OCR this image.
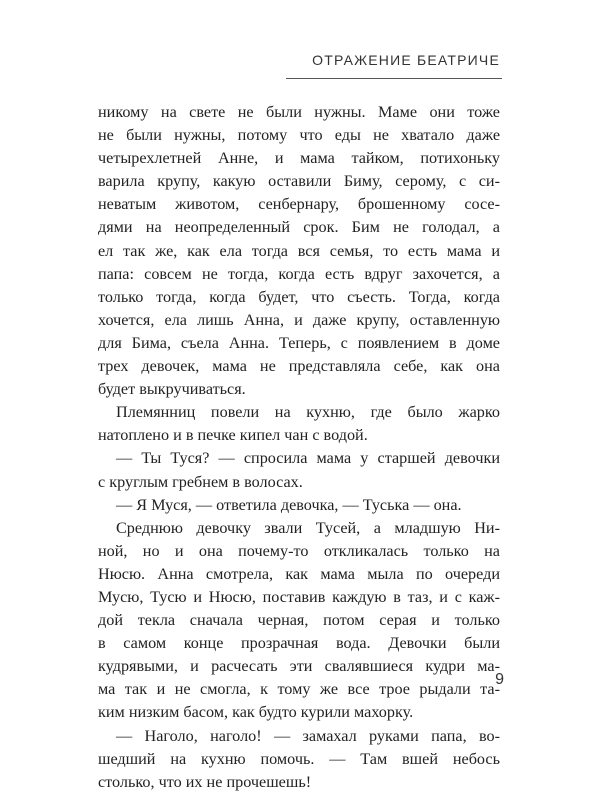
ОТРАЖЕНИЕ БЕАТРИЧЕ
никому на свете не были нужны. Маме они тоже
не были нужны, потому что еды не хватало даже
четырехлетней Анне, и мама тайком, потихоньку
варила крупу, какую оставили Биму, серому, с си-
неватым животом, сенбернару, брошенному сосе-
дями на неопределенный срок. Бим не голодал, а
ел так же, как ела тогда вся семья, то есть мама и
папа: совсем не тогда, когда есть вдруг захочется, а
только тогда, когда будет, что съесть. Тогда, когда
хочется, ела лишь Анна, и даже крупу, оставленную
для Бима, съела Анна. Теперь, с появлением в доме
трех девочек, мама не представляла себе, как она
будет выкручиваться.
Племянниц повели на кухню, где было жарко
натоплено и в печке кипел чан с водой.
— Ты Туся? — спросила мама у старшей девочки
с круглым гребнем в волосах.
— Я Муся, — ответила девочка, — Туська — она.
Среднюю девочку звали Тусей, а младшую Ни-
ной, но и она почему-то откликалась только на
Нюсю. Анна смотрела, как мама мыла по очереди
Мусю, Тусю и Нюсю, поставив каждую в таз, и с каж-
дой текла сначала черная, потом серая и только
в самом конце прозрачная вода. Девочки были
кудрявыми, и расчесать эти свалявшиеся кудри ма-
ма так и не смогла, к тому же все трое рыдали та-
ким низким басом, как будто курили махорку.
— Наголо, наголо! — замахал руками папа, во-
шедший на кухню помочь. — Там вшей небось
столько, что их не прочешешь!
9
